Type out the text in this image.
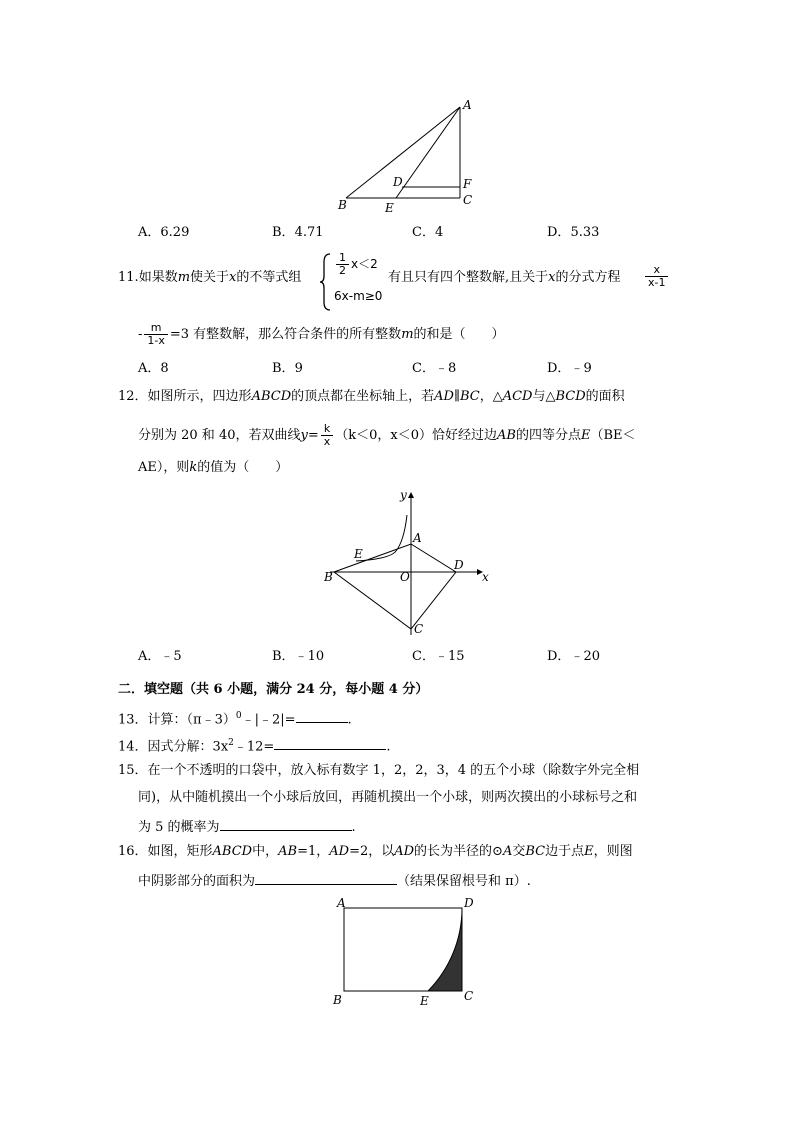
A
B	C
D
E
F
A．6.29	B．4.71	C．4	D．5.33
11.如果数m使关于x的不等式组
$\frac{1}{2} x<2$
6x-m≥0
有且只有四个整数解,且关于x的分式方程 $\frac{x}{x-1}$
- $\frac{m}{1-x} =3$ 有整数解，那么符合条件的所有整数m的和是（　　）
A．8	B．9	C．﹣8	D．﹣9
12．如图所示，四边形ABCD的顶点都在坐标轴上，若AD∥BC，△ACD与△BCD的面积
分别为 20 和 40，若双曲线$y= \frac{k}{x} (k<0$，x＜0）恰好经过边AB的四等分点E（BE＜
AE），则k的值为（　　）
y
x
A
B
C
D
E
O
A．﹣5	B．﹣10	C．﹣15	D．﹣20
二．填空题（共 6 小题，满分 24 分，每小题 4 分）
13．计算：（π﹣3）$^0$﹣|﹣2|=	.
14．因式分解：$3x^2﹣12=$	.
15．在一个不透明的口袋中，放入标有数字 1，2，2，3，4 的五个小球（除数字外完全相
同)，从中随机摸出一个小球后放回，再随机摸出一个小球，则两次摸出的小球标号之和
为 5 的概率为	.
16．如图，矩形ABCD中，AB=1，AD=2，以AD的长为半径的⊙A交BC边于点E，则图
中阴影部分的面积为	（结果保留根号和 π）.
A
B	C
D
E
